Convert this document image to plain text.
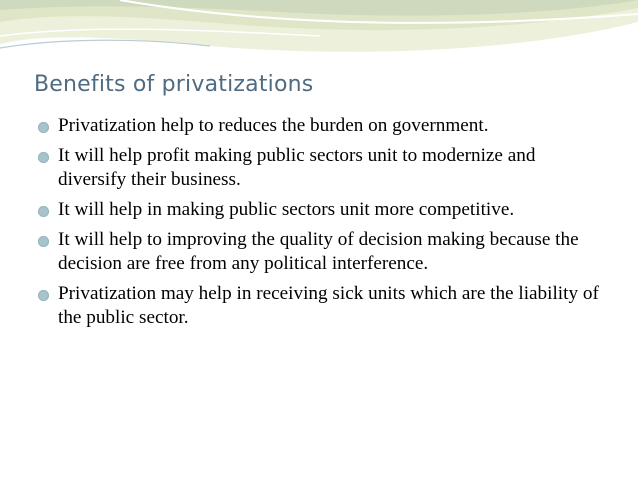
Benefits of privatizations
Privatization help to reduces the burden on government.
It will help profit making public sectors unit to modernize and diversify their business.
It will help in making public sectors unit more competitive.
It will help to improving the quality of decision making because the decision are free from any political interference.
Privatization may help in receiving sick units which are the liability of the public sector.
